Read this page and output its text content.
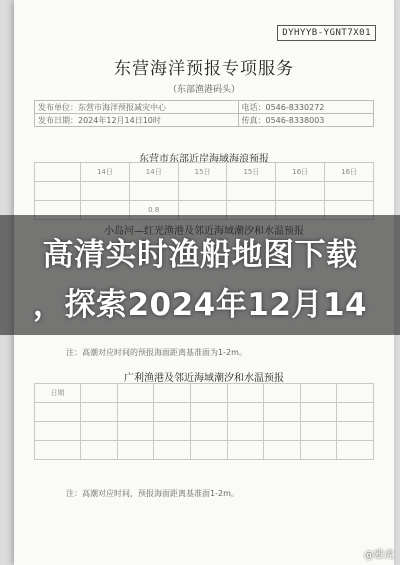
DYHYYB-YGNT7X01
东营海洋预报专项服务
（东部渔港码头）
发布单位：东营市海洋预报减灾中心	电话：0546-8330272
发布日期：2024年12月14日10时	传真：0546-8338003
东营市东部近岸海域海浪预报
	14日	14日	15日	15日	16日	16日

		0.8				
注：高潮对应时间的预报海面距离基准面为1-2m。
广利渔港及邻近海域潮汐和水温预报
日期								

注：高潮对应时间，预报海面距离基准面1-2m。
高清实时渔船地图下载
，探索2024年12月14
@雅虎
